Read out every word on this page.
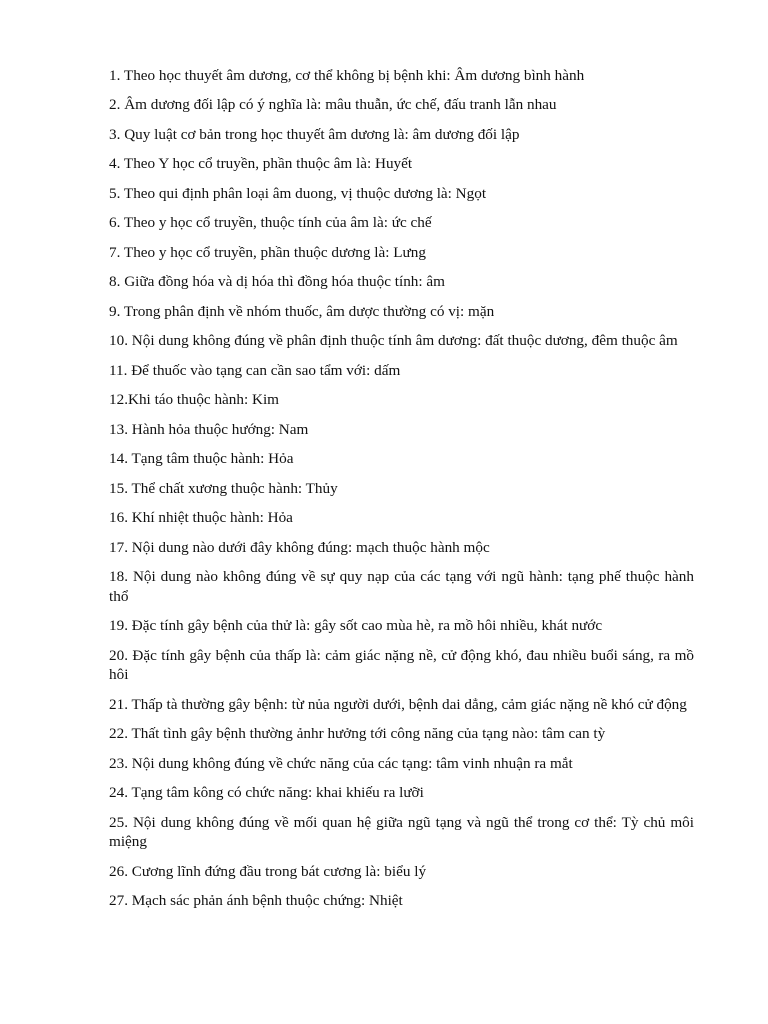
1. Theo học thuyết âm dương, cơ thể không bị bệnh khi: Âm dương bình hành

2. Âm dương đối lập có ý nghĩa là: mâu thuẫn, ức chế, đấu tranh lẫn nhau

3. Quy luật cơ bản trong học thuyết âm dương là: âm dương đối lập

4. Theo Y học cổ truyền, phần thuộc âm là: Huyết

5. Theo qui định phân loại âm duong, vị thuộc dương là: Ngọt

6. Theo y học cổ truyền, thuộc tính của âm là: ức chế

7. Theo y học cổ truyền, phần thuộc dương là: Lưng

8. Giữa đồng hóa và dị hóa thì đồng hóa thuộc tính: âm

9. Trong phân định về nhóm thuốc, âm dược thường có vị: mặn

10. Nội dung không đúng về phân định thuộc tính âm dương: đất thuộc dương, đêm thuộc âm

11. Để thuốc vào tạng can cần sao tẩm với: dấm

12.Khi táo thuộc hành: Kim

13. Hành hỏa thuộc hướng: Nam

14. Tạng tâm thuộc hành: Hỏa

15. Thể chất xương thuộc hành: Thủy

16. Khí nhiệt thuộc hành: Hỏa

17. Nội dung nào dưới đây không đúng: mạch thuộc hành mộc

18. Nội dung nào không đúng về sự quy nạp của các tạng với ngũ hành: tạng phế thuộc hành thổ

19. Đặc tính gây bệnh của thử là: gây sốt cao mùa hè, ra mồ hôi nhiều, khát nước

20. Đặc tính gây bệnh của thấp là: cảm giác nặng nề, cử động khó, đau nhiều buổi sáng, ra mồ hôi

21. Thấp tà thường gây bệnh: từ nủa người dưới, bệnh dai dẳng, cảm giác nặng nề khó cử động

22. Thất tình gây bệnh thường ảnhr hưởng tới công năng của tạng nào: tâm can tỳ

23. Nội dung không đúng về chức năng của các tạng: tâm vinh nhuận ra mắt

24. Tạng tâm kông có chức năng: khai khiếu ra lưỡi

25. Nội dung không đúng về mối quan hệ giữa ngũ tạng và ngũ thể trong cơ thể: Tỳ chủ môi miệng

26. Cương lĩnh đứng đầu trong bát cương là: biểu lý

27. Mạch sác phản ánh bệnh thuộc chứng: Nhiệt
